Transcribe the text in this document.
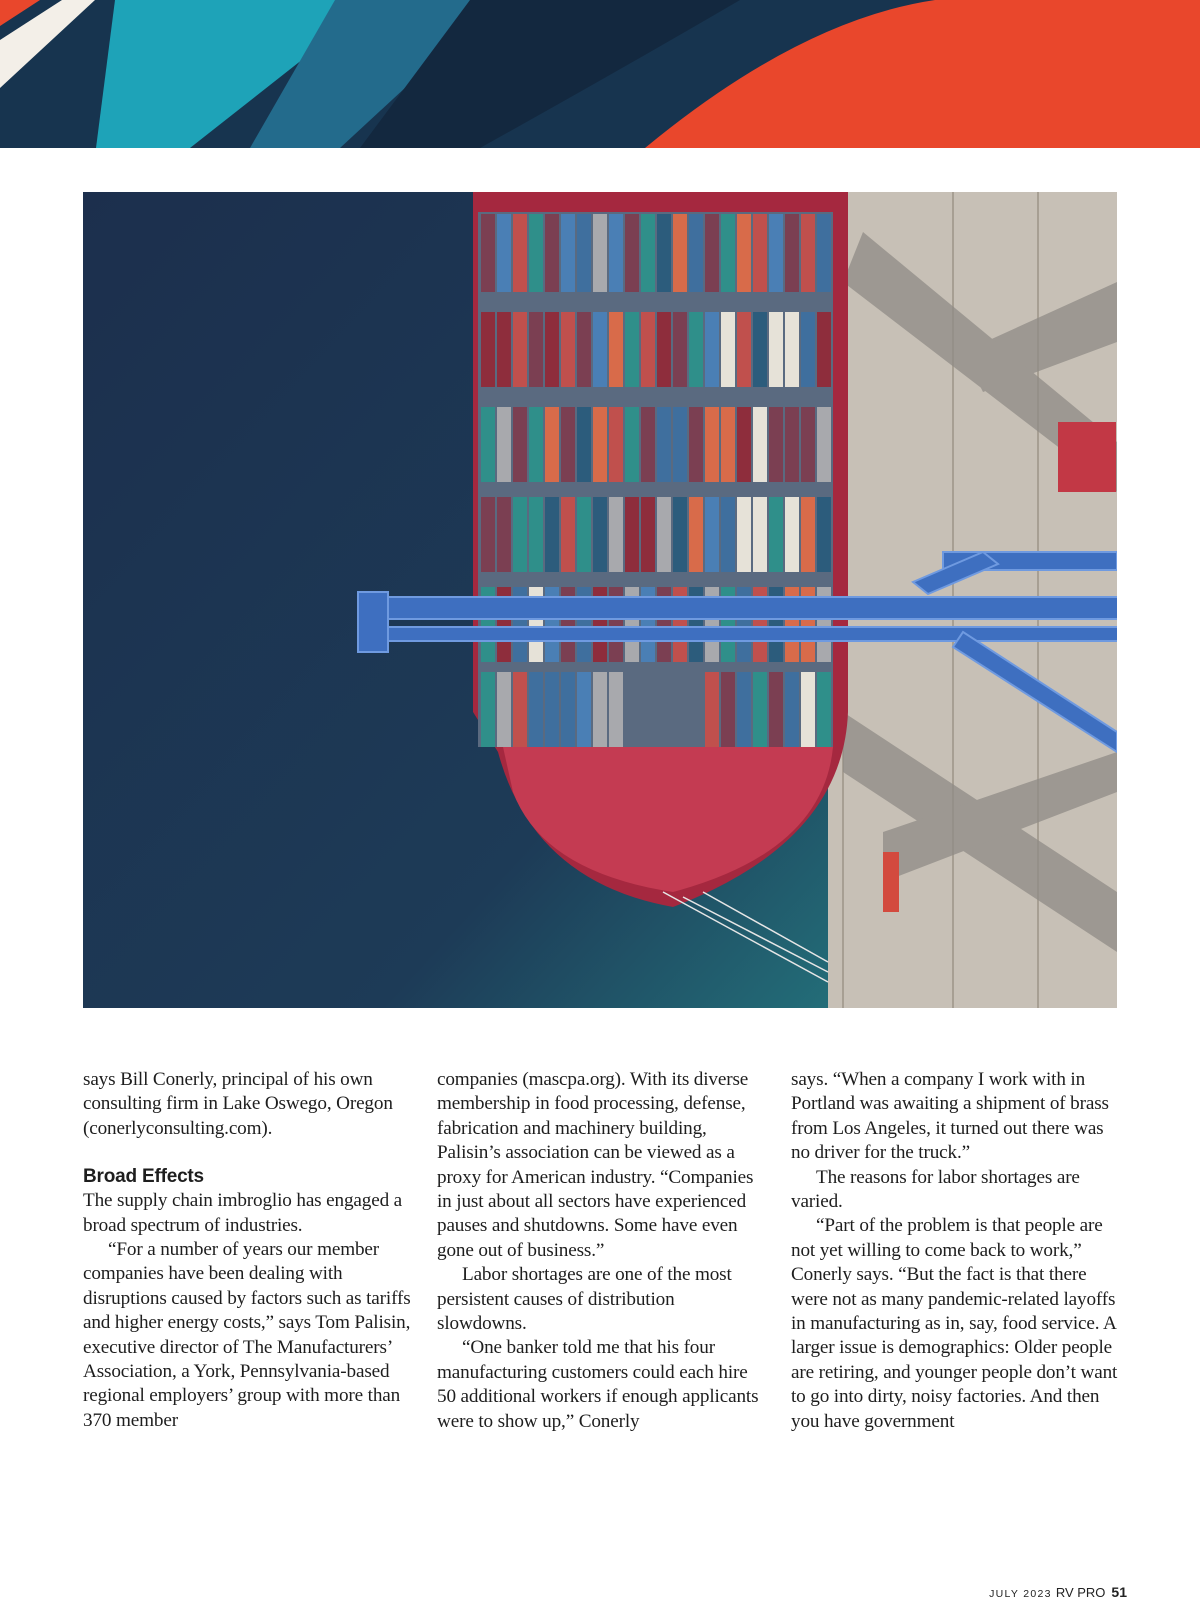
says Bill Conerly, principal of his own consulting firm in Lake Oswego, Oregon (conerlyconsulting.com).

Broad Effects

The supply chain imbroglio has engaged a broad spectrum of industries.

“For a number of years our member companies have been dealing with disruptions caused by factors such as tariffs and higher energy costs,” says Tom Palisin, executive director of The Manufacturers’ Association, a York, Pennsylvania-based regional employers’ group with more than 370 member

companies (mascpa.org). With its diverse membership in food processing, defense, fabrication and machinery building, Palisin’s association can be viewed as a proxy for American industry. “Companies in just about all sectors have experienced pauses and shutdowns. Some have even gone out of business.”

Labor shortages are one of the most persistent causes of distribution slowdowns.

“One banker told me that his four manufacturing customers could each hire 50 additional workers if enough applicants were to show up,” Conerly

says. “When a company I work with in Portland was awaiting a shipment of brass from Los Angeles, it turned out there was no driver for the truck.”

The reasons for labor shortages are varied.

“Part of the problem is that people are not yet willing to come back to work,” Conerly says. “But the fact is that there were not as many pandemic-related layoffs in manufacturing as in, say, food service. A larger issue is demographics: Older people are retiring, and younger people don’t want to go into dirty, noisy factories. And then you have government

JULY 2023 RV PRO 51
